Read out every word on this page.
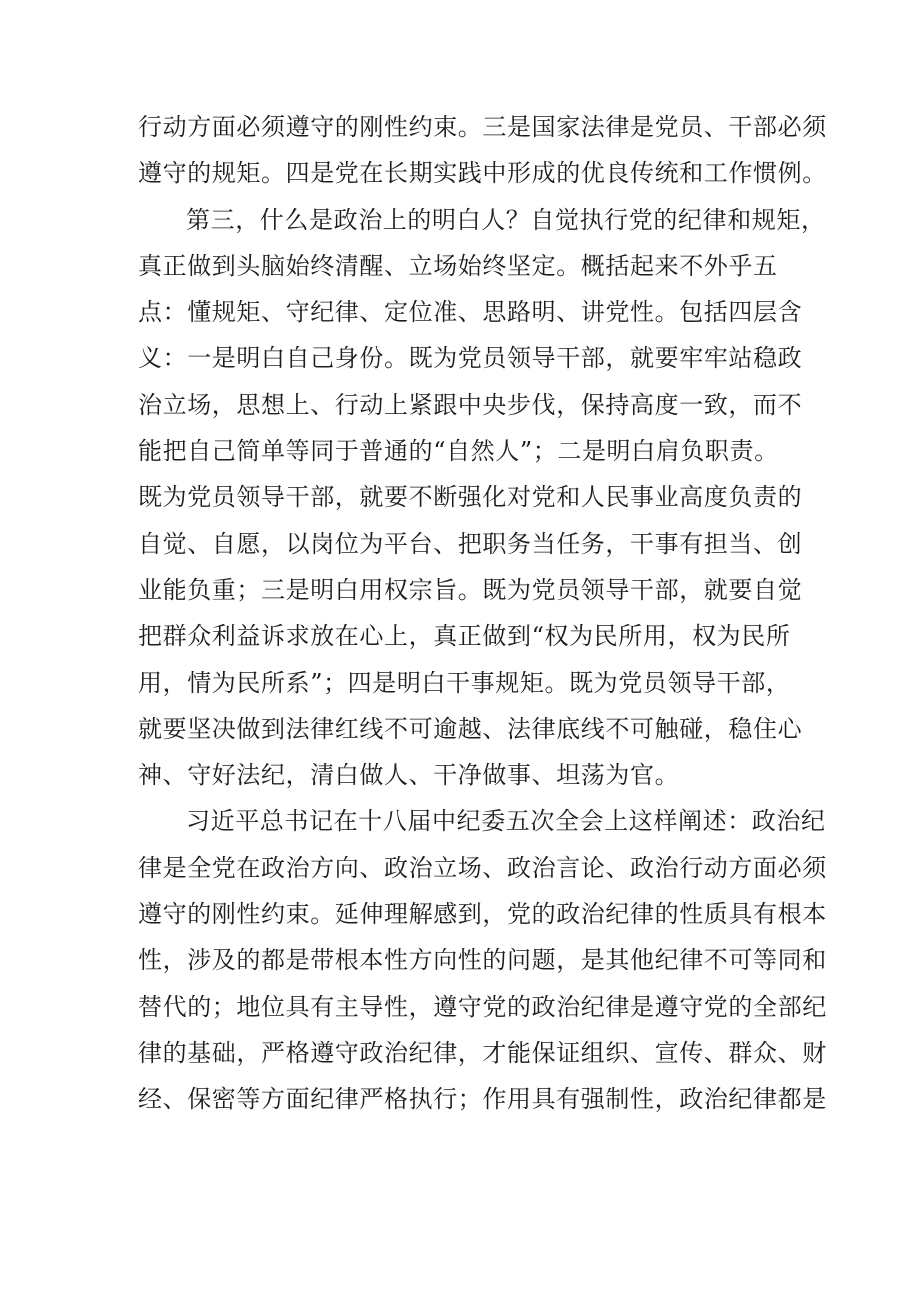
行动方面必须遵守的刚性约束。三是国家法律是党员、干部必须
遵守的规矩。四是党在长期实践中形成的优良传统和工作惯例。
第三，什么是政治上的明白人？自觉执行党的纪律和规矩，
真正做到头脑始终清醒、立场始终坚定。概括起来不外乎五
点：懂规矩、守纪律、定位准、思路明、讲党性。包括四层含
义：一是明白自己身份。既为党员领导干部，就要牢牢站稳政
治立场，思想上、行动上紧跟中央步伐，保持高度一致，而不
能把自己简单等同于普通的“自然人”；二是明白肩负职责。
既为党员领导干部，就要不断强化对党和人民事业高度负责的
自觉、自愿，以岗位为平台、把职务当任务，干事有担当、创
业能负重；三是明白用权宗旨。既为党员领导干部，就要自觉
把群众利益诉求放在心上，真正做到“权为民所用，权为民所
用，情为民所系”；四是明白干事规矩。既为党员领导干部，
就要坚决做到法律红线不可逾越、法律底线不可触碰，稳住心
神、守好法纪，清白做人、干净做事、坦荡为官。
习近平总书记在十八届中纪委五次全会上这样阐述：政治纪
律是全党在政治方向、政治立场、政治言论、政治行动方面必须
遵守的刚性约束。延伸理解感到，党的政治纪律的性质具有根本
性，涉及的都是带根本性方向性的问题，是其他纪律不可等同和
替代的；地位具有主导性，遵守党的政治纪律是遵守党的全部纪
律的基础，严格遵守政治纪律，才能保证组织、宣传、群众、财
经、保密等方面纪律严格执行；作用具有强制性，政治纪律都是
